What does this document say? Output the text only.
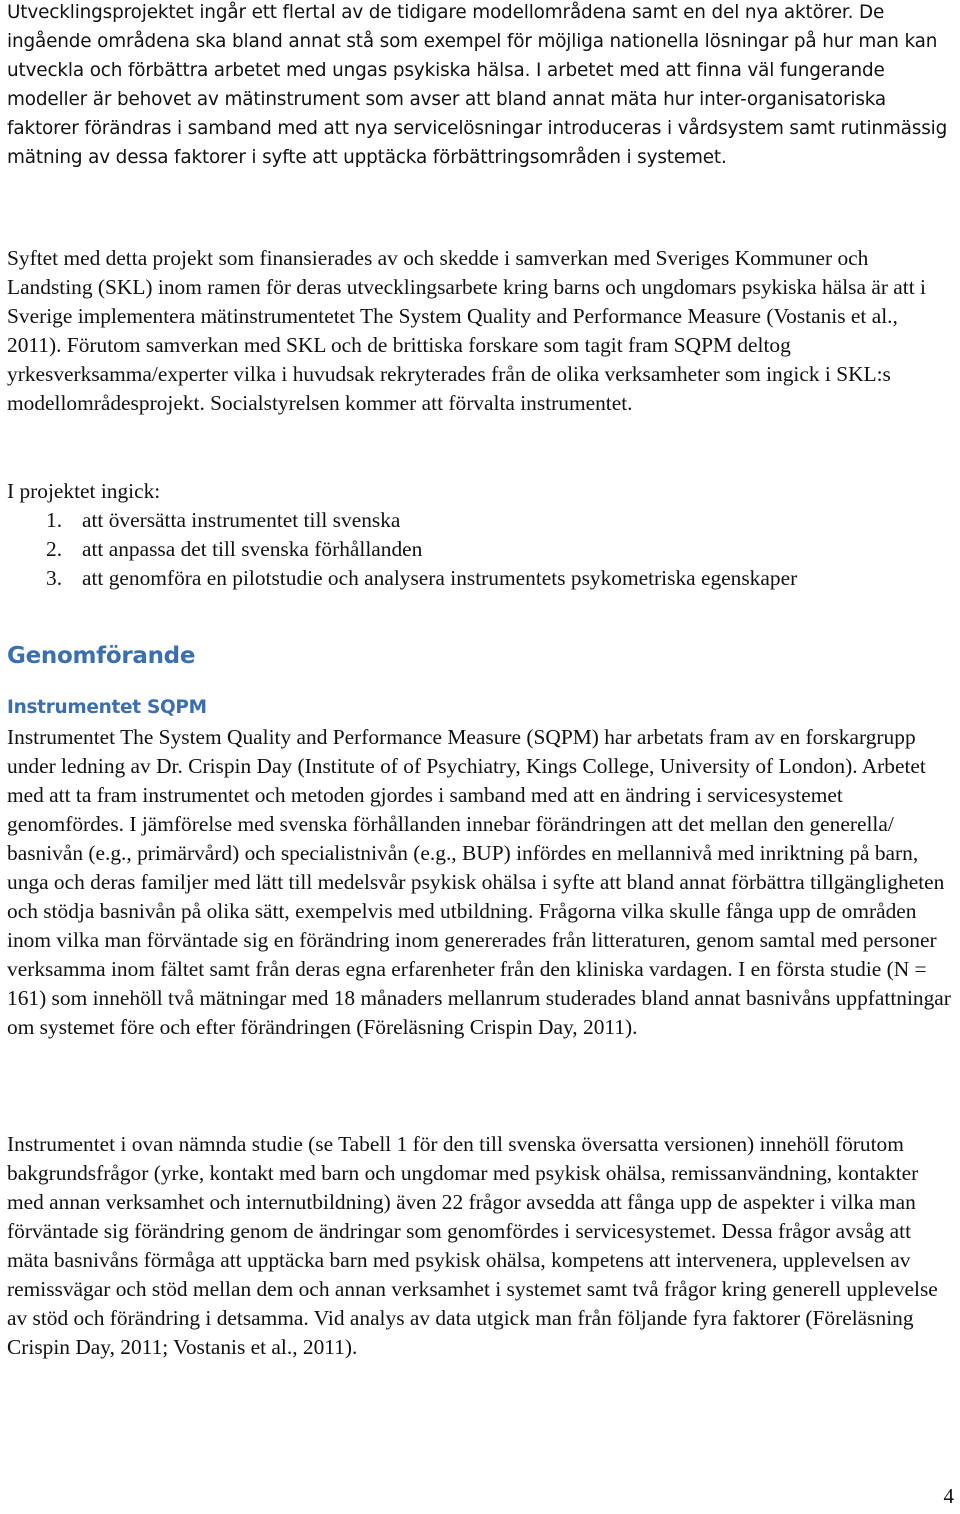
Utvecklingsprojektet ingår ett flertal av de tidigare modellområdena samt en del nya aktörer. De ingående områdena ska bland annat stå som exempel för möjliga nationella lösningar på hur man kan utveckla och förbättra arbetet med ungas psykiska hälsa. I arbetet med att finna väl fungerande modeller är behovet av mätinstrument som avser att bland annat mäta hur inter-organisatoriska faktorer förändras i samband med att nya servicelösningar introduceras i vårdsystem samt rutinmässig mätning av dessa faktorer i syfte att upptäcka förbättringsområden i systemet.

Syftet med detta projekt som finansierades av och skedde i samverkan med Sveriges Kommuner och Landsting (SKL) inom ramen för deras utvecklingsarbete kring barns och ungdomars psykiska hälsa är att i Sverige implementera mätinstrumentetet The System Quality and Performance Measure (Vostanis et al., 2011). Förutom samverkan med SKL och de brittiska forskare som tagit fram SQPM deltog yrkesverksamma/experter vilka i huvudsak rekryterades från de olika verksamheter som ingick i SKL:s modellområdesprojekt. Socialstyrelsen kommer att förvalta instrumentet.

I projektet ingick:

1. att översätta instrumentet till svenska
2. att anpassa det till svenska förhållanden
3. att genomföra en pilotstudie och analysera instrumentets psykometriska egenskaper
Genomförande
Instrumentet SQPM

Instrumentet The System Quality and Performance Measure (SQPM) har arbetats fram av en forskargrupp under ledning av Dr. Crispin Day (Institute of of Psychiatry, Kings College, University of London). Arbetet med att ta fram instrumentet och metoden gjordes i samband med att en ändring i servicesystemet genomfördes. I jämförelse med svenska förhållanden innebar förändringen att det mellan den generella/ basnivån (e.g., primärvård) och specialistnivån (e.g., BUP) infördes en mellannivå med inriktning på barn, unga och deras familjer med lätt till medelsvår psykisk ohälsa i syfte att bland annat förbättra tillgängligheten och stödja basnivån på olika sätt, exempelvis med utbildning. Frågorna vilka skulle fånga upp de områden inom vilka man förväntade sig en förändring inom genererades från litteraturen, genom samtal med personer verksamma inom fältet samt från deras egna erfarenheter från den kliniska vardagen. I en första studie (N = 161) som innehöll två mätningar med 18 månaders mellanrum studerades bland annat basnivåns uppfattningar om systemet före och efter förändringen (Föreläsning Crispin Day, 2011).

Instrumentet i ovan nämnda studie (se Tabell 1 för den till svenska översatta versionen) innehöll förutom bakgrundsfrågor (yrke, kontakt med barn och ungdomar med psykisk ohälsa, remissanvändning, kontakter med annan verksamhet och internutbildning) även 22 frågor avsedda att fånga upp de aspekter i vilka man förväntade sig förändring genom de ändringar som genomfördes i servicesystemet. Dessa frågor avsåg att mäta basnivåns förmåga att upptäcka barn med psykisk ohälsa, kompetens att intervenera, upplevelsen av remissvägar och stöd mellan dem och annan verksamhet i systemet samt två frågor kring generell upplevelse av stöd och förändring i detsamma. Vid analys av data utgick man från följande fyra faktorer (Föreläsning Crispin Day, 2011; Vostanis et al., 2011).

4
